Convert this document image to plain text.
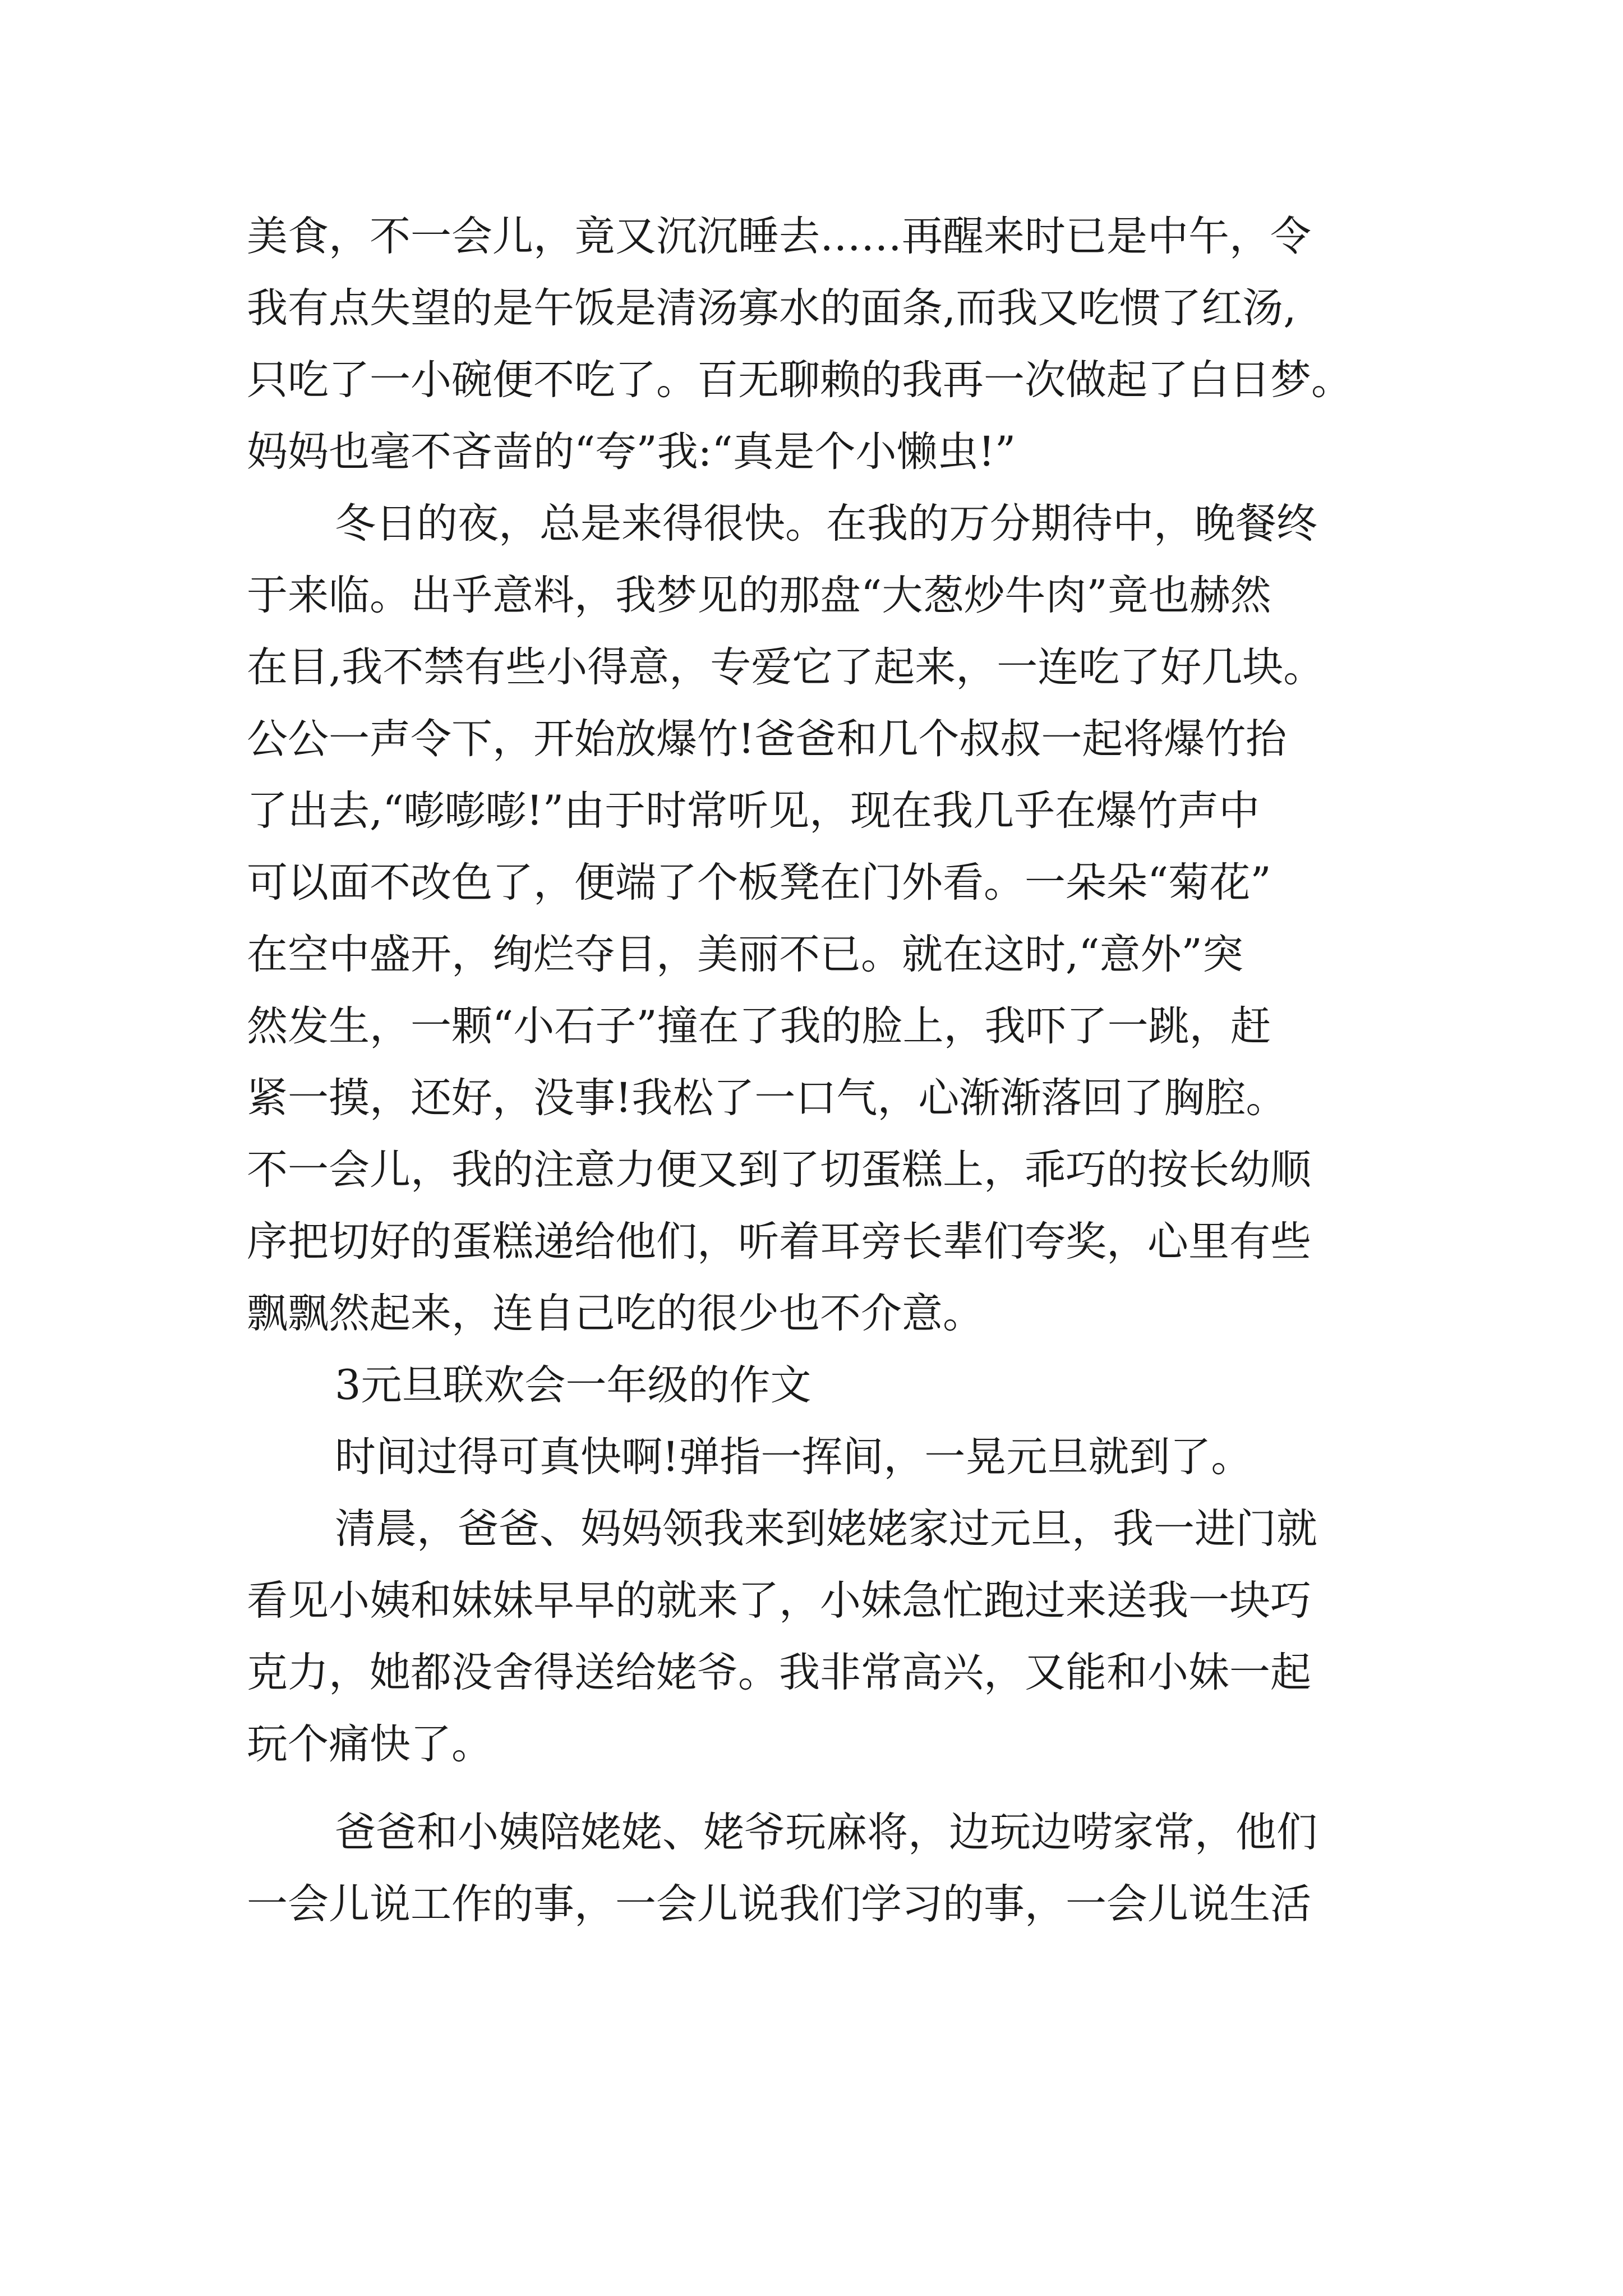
美食，不一会儿，竟又沉沉睡去……再醒来时已是中午，令
我有点失望的是午饭是清汤寡水的面条,而我又吃惯了红汤,
只吃了一小碗便不吃了。百无聊赖的我再一次做起了白日梦。
妈妈也毫不吝啬的“夸”我:“真是个小懒虫!”
冬日的夜，总是来得很快。在我的万分期待中，晚餐终
于来临。出乎意料，我梦见的那盘“大葱炒牛肉”竟也赫然
在目,我不禁有些小得意，专爱它了起来，一连吃了好几块。
公公一声令下，开始放爆竹!爸爸和几个叔叔一起将爆竹抬
了出去,“嘭嘭嘭!”由于时常听见，现在我几乎在爆竹声中
可以面不改色了，便端了个板凳在门外看。一朵朵“菊花”
在空中盛开，绚烂夺目，美丽不已。就在这时,“意外”突
然发生，一颗“小石子”撞在了我的脸上，我吓了一跳，赶
紧一摸，还好，没事!我松了一口气，心渐渐落回了胸腔。
不一会儿，我的注意力便又到了切蛋糕上，乖巧的按长幼顺
序把切好的蛋糕递给他们，听着耳旁长辈们夸奖，心里有些
飘飘然起来，连自己吃的很少也不介意。
3元旦联欢会一年级的作文
时间过得可真快啊!弹指一挥间，一晃元旦就到了。
清晨，爸爸、妈妈领我来到姥姥家过元旦，我一进门就
看见小姨和妹妹早早的就来了，小妹急忙跑过来送我一块巧
克力，她都没舍得送给姥爷。我非常高兴，又能和小妹一起
玩个痛快了。
爸爸和小姨陪姥姥、姥爷玩麻将，边玩边唠家常，他们
一会儿说工作的事，一会儿说我们学习的事，一会儿说生活
